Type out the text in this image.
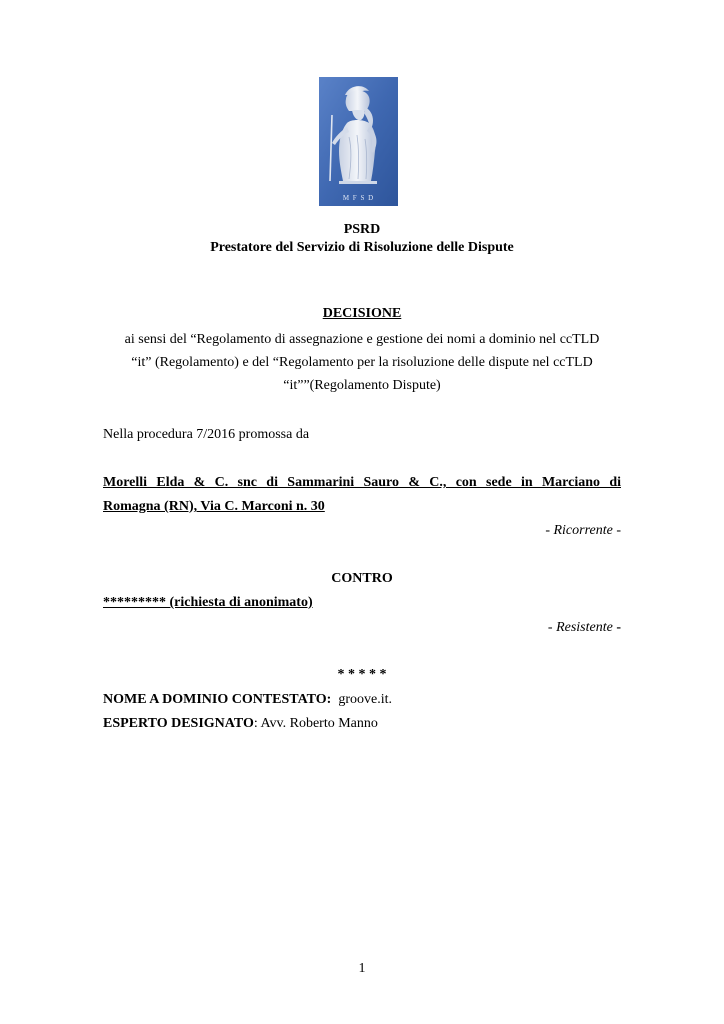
M F S D
PSRD
Prestatore del Servizio di Risoluzione delle Dispute
DECISIONE
ai sensi del “Regolamento di assegnazione e gestione dei nomi a dominio nel ccTLD
“it” (Regolamento) e del “Regolamento per la risoluzione delle dispute nel ccTLD
“it””(Regolamento Dispute)
Nella procedura 7/2016 promossa da
Morelli Elda & C. snc di Sammarini Sauro & C., con sede in Marciano di
Romagna (RN), Via C. Marconi n. 30
- Ricorrente -
CONTRO
********* (richiesta di anonimato)
- Resistente -
* * * * *
NOME A DOMINIO CONTESTATO: groove.it.
ESPERTO DESIGNATO: Avv. Roberto Manno
1
